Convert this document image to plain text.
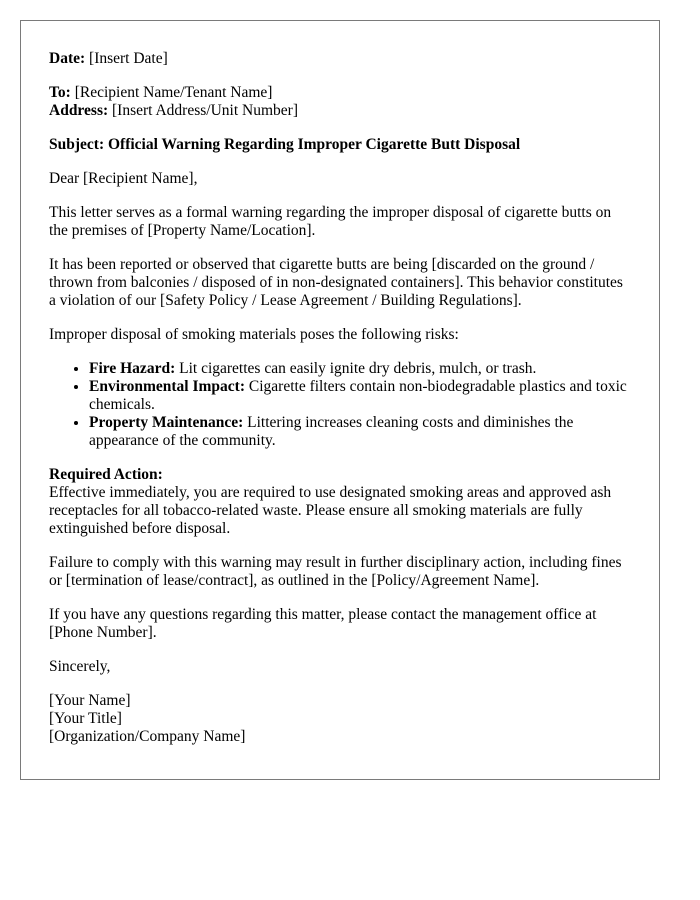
Date: [Insert Date]

To: [Recipient Name/Tenant Name]
Address: [Insert Address/Unit Number]

Subject: Official Warning Regarding Improper Cigarette Butt Disposal

Dear [Recipient Name],

This letter serves as a formal warning regarding the improper disposal of cigarette butts on the premises of [Property Name/Location].

It has been reported or observed that cigarette butts are being [discarded on the ground / thrown from balconies / disposed of in non-designated containers]. This behavior constitutes a violation of our [Safety Policy / Lease Agreement / Building Regulations].

Improper disposal of smoking materials poses the following risks:

• Fire Hazard: Lit cigarettes can easily ignite dry debris, mulch, or trash.
• Environmental Impact: Cigarette filters contain non-biodegradable plastics and toxic chemicals.
• Property Maintenance: Littering increases cleaning costs and diminishes the appearance of the community.

Required Action:
Effective immediately, you are required to use designated smoking areas and approved ash receptacles for all tobacco-related waste. Please ensure all smoking materials are fully extinguished before disposal.

Failure to comply with this warning may result in further disciplinary action, including fines or [termination of lease/contract], as outlined in the [Policy/Agreement Name].

If you have any questions regarding this matter, please contact the management office at [Phone Number].

Sincerely,

[Your Name]
[Your Title]
[Organization/Company Name]
